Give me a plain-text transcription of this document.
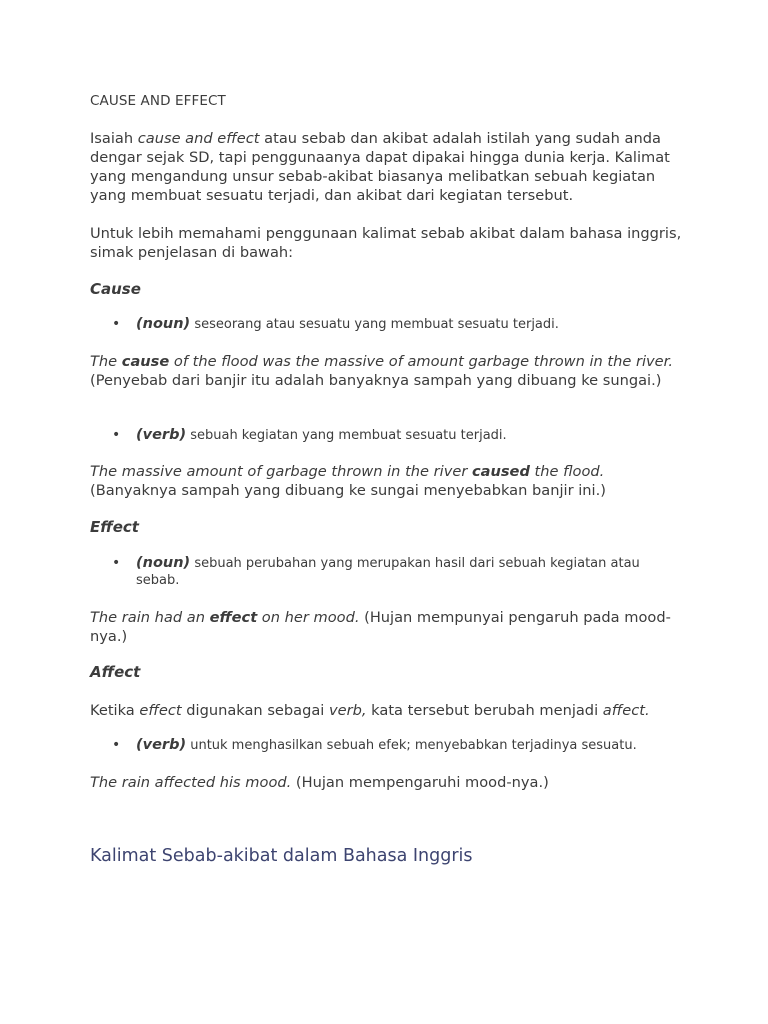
CAUSE AND EFFECT

Isaiah cause and effect atau sebab dan akibat adalah istilah yang sudah anda dengar sejak SD, tapi penggunaanya dapat dipakai hingga dunia kerja. Kalimat yang mengandung unsur sebab-akibat biasanya melibatkan sebuah kegiatan yang membuat sesuatu terjadi, dan akibat dari kegiatan tersebut.

Untuk lebih memahami penggunaan kalimat sebab akibat dalam bahasa inggris, simak penjelasan di bawah:

Cause
• (noun) seseorang atau sesuatu yang membuat sesuatu terjadi.

The cause of the flood was the massive of amount garbage thrown in the river. (Penyebab dari banjir itu adalah banyaknya sampah yang dibuang ke sungai.)

• (verb) sebuah kegiatan yang membuat sesuatu terjadi.

The massive amount of garbage thrown in the river caused the flood. (Banyaknya sampah yang dibuang ke sungai menyebabkan banjir ini.)

Effect
• (noun) sebuah perubahan yang merupakan hasil dari sebuah kegiatan atau sebab.

The rain had an effect on her mood. (Hujan mempunyai pengaruh pada mood-nya.)

Affect

Ketika effect digunakan sebagai verb, kata tersebut berubah menjadi affect.

• (verb) untuk menghasilkan sebuah efek; menyebabkan terjadinya sesuatu.

The rain affected his mood. (Hujan mempengaruhi mood-nya.)

Kalimat Sebab-akibat dalam Bahasa Inggris
